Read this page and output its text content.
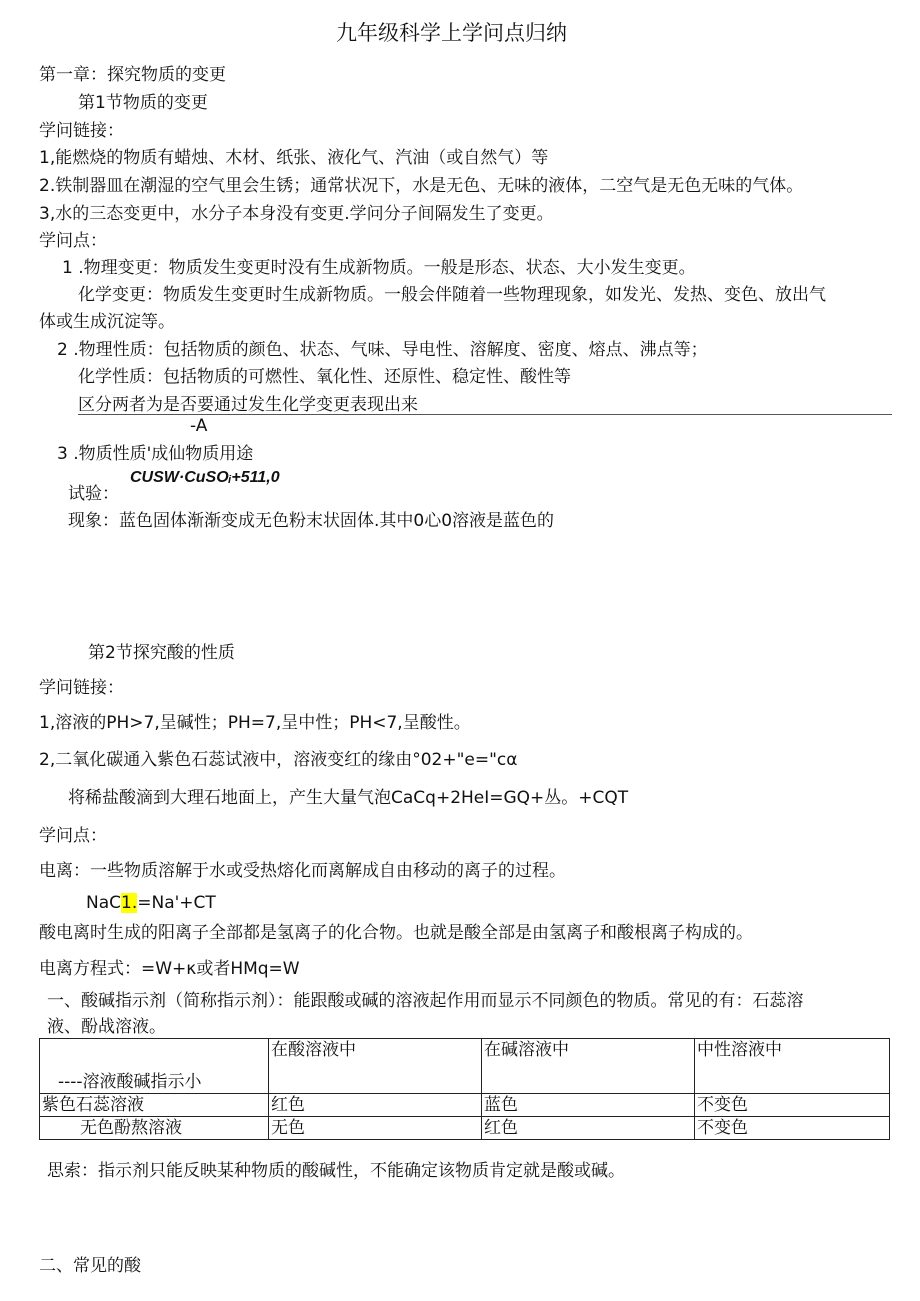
九年级科学上学问点归纳
第一章：探究物质的变更
第1节物质的变更
学问链接：
1,能燃烧的物质有蜡烛、木材、纸张、液化气、汽油（或自然气）等
2.铁制器皿在潮湿的空气里会生锈；通常状况下，水是无色、无味的液体，二空气是无色无味的气体。
3,水的三态变更中，水分子本身没有变更.学问分子间隔发生了变更。
学问点：
1 .物理变更：物质发生变更时没有生成新物质。一般是形态、状态、大小发生变更。
化学变更：物质发生变更时生成新物质。一般会伴随着一些物理现象，如发光、发热、变色、放出气
体或生成沉淀等。
2 .物理性质：包括物质的颜色、状态、气味、导电性、溶解度、密度、熔点、沸点等；
化学性质：包括物质的可燃性、氧化性、还原性、稳定性、酸性等
区分两者为是否要通过发生化学变更表现出来
-A
3 .物质性质'成仙物质用途
CUSW·CuSOᵢ+511,0
试验：
现象：蓝色固体渐渐变成无色粉末状固体.其中0心0溶液是蓝色的
第2节探究酸的性质
学问链接：
1,溶液的PH>7,呈碱性；PH=7,呈中性；PH<7,呈酸性。
2,二氧化碳通入紫色石蕊试液中，溶液变红的缘由°02+"e="cα
将稀盐酸滴到大理石地面上，产生大量气泡CaCq+2HeI=GQ+丛。+CQT
学问点：
电离：一些物质溶解于水或受热熔化而离解成自由移动的离子的过程。
NaC1.=Na'+CT
酸电离时生成的阳离子全部都是氢离子的化合物。也就是酸全部是由氢离子和酸根离子构成的。
电离方程式：=W+κ或者HMq=W
一、酸碱指示剂（简称指示剂）：能跟酸或碱的溶液起作用而显示不同颜色的物质。常见的有：石蕊溶
液、酚战溶液。
----溶液酸碱指示小	在酸溶液中	在碱溶液中	中性溶液中
紫色石蕊溶液	红色	蓝色	不变色
无色酚熬溶液	无色	红色	不变色
思索：指示剂只能反映某种物质的酸碱性，不能确定该物质肯定就是酸或碱。
二、常见的酸
